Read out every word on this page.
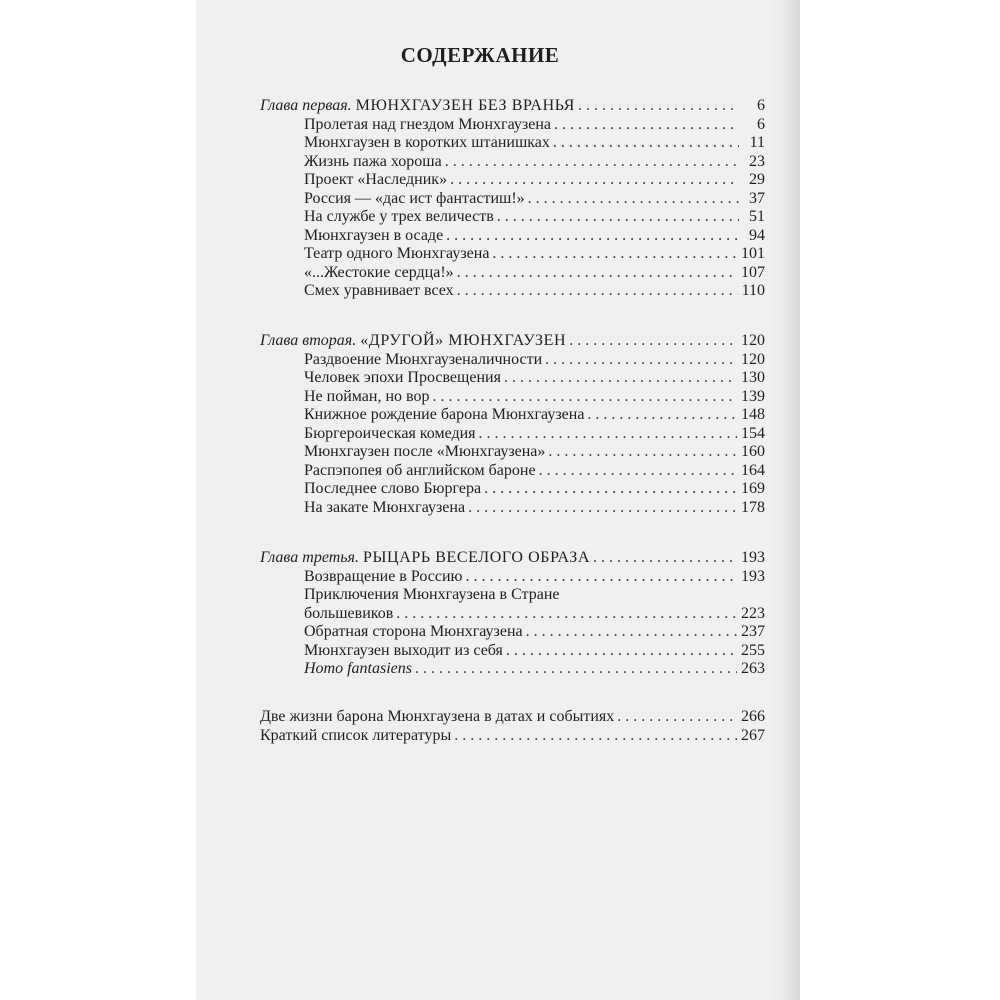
СОДЕРЖАНИЕ
Глава первая. МЮНХГАУЗЕН БЕЗ ВРАНЬЯ . . .	6
Пролетая над гнездом Мюнхгаузена . . .	6
Мюнхгаузен в коротких штанишках . . .	11
Жизнь пажа хороша . . .	23
Проект «Наследник» . . .	29
Россия — «дас ист фантастиш!» . . .	37
На службе у трех величеств . . .	51
Мюнхгаузен в осаде . . .	94
Театр одного Мюнхгаузена . . .	101
«...Жестокие сердца!» . . .	107
Смех уравнивает всех . . .	110
Глава вторая. «ДРУГОЙ» МЮНХГАУЗЕН . . .	120
Раздвоение Мюнхгаузеналичности . . .	120
Человек эпохи Просвещения . . .	130
Не пойман, но вор . . .	139
Книжное рождение барона Мюнхгаузена . . .	148
Бюргероическая комедия . . .	154
Мюнхгаузен после «Мюнхгаузена» . . .	160
Распэпопея об английском бароне . . .	164
Последнее слово Бюргера . . .	169
На закате Мюнхгаузена . . .	178
Глава третья. РЫЦАРЬ ВЕСЕЛОГО ОБРАЗА . . .	193
Возвращение в Россию . . .	193
Приключения Мюнхгаузена в Стране
большевиков . . .	223
Обратная сторона Мюнхгаузена . . .	237
Мюнхгаузен выходит из себя . . .	255
Homo fantasiens . . .	263
Две жизни барона Мюнхгаузена в датах и событиях . . .	266
Краткий список литературы . . .	267
